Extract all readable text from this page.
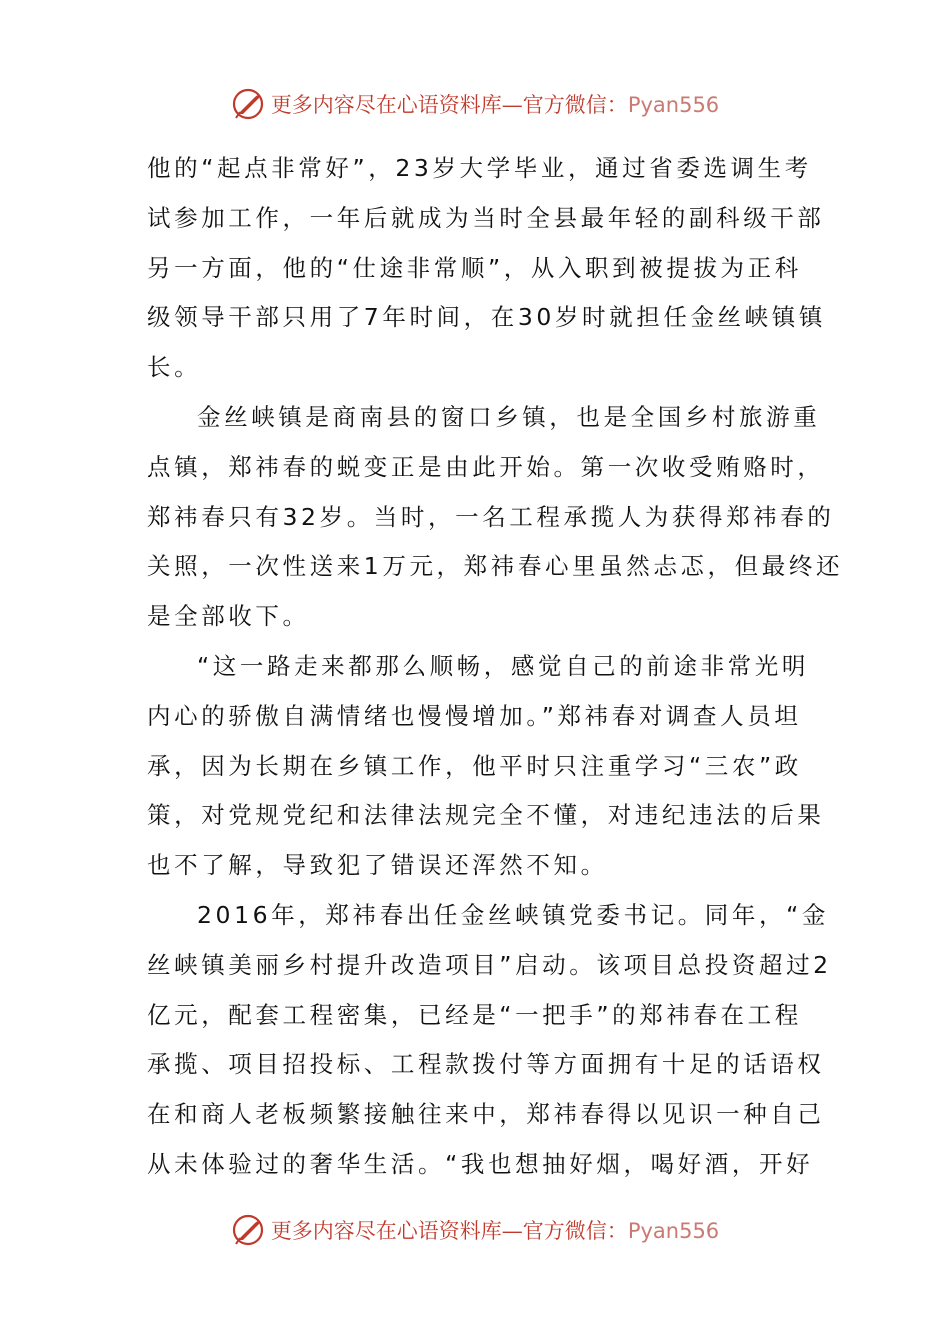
更多内容尽在心语资料库—官方微信：Pyan556
他的“起点非常好”，23岁大学毕业，通过省委选调生考
试参加工作，一年后就成为当时全县最年轻的副科级干部
另一方面，他的“仕途非常顺”，从入职到被提拔为正科
级领导干部只用了7年时间，在30岁时就担任金丝峡镇镇
长。
金丝峡镇是商南县的窗口乡镇，也是全国乡村旅游重
点镇，郑祎春的蜕变正是由此开始。第一次收受贿赂时，
郑祎春只有32岁。当时，一名工程承揽人为获得郑祎春的
关照，一次性送来1万元，郑祎春心里虽然忐忑，但最终还
是全部收下。
“这一路走来都那么顺畅，感觉自己的前途非常光明
内心的骄傲自满情绪也慢慢增加。”郑祎春对调查人员坦
承，因为长期在乡镇工作，他平时只注重学习“三农”政
策，对党规党纪和法律法规完全不懂，对违纪违法的后果
也不了解，导致犯了错误还浑然不知。
2016年，郑祎春出任金丝峡镇党委书记。同年，“金
丝峡镇美丽乡村提升改造项目”启动。该项目总投资超过2
亿元，配套工程密集，已经是“一把手”的郑祎春在工程
承揽、项目招投标、工程款拨付等方面拥有十足的话语权
在和商人老板频繁接触往来中，郑祎春得以见识一种自己
从未体验过的奢华生活。“我也想抽好烟，喝好酒，开好
更多内容尽在心语资料库—官方微信：Pyan556
